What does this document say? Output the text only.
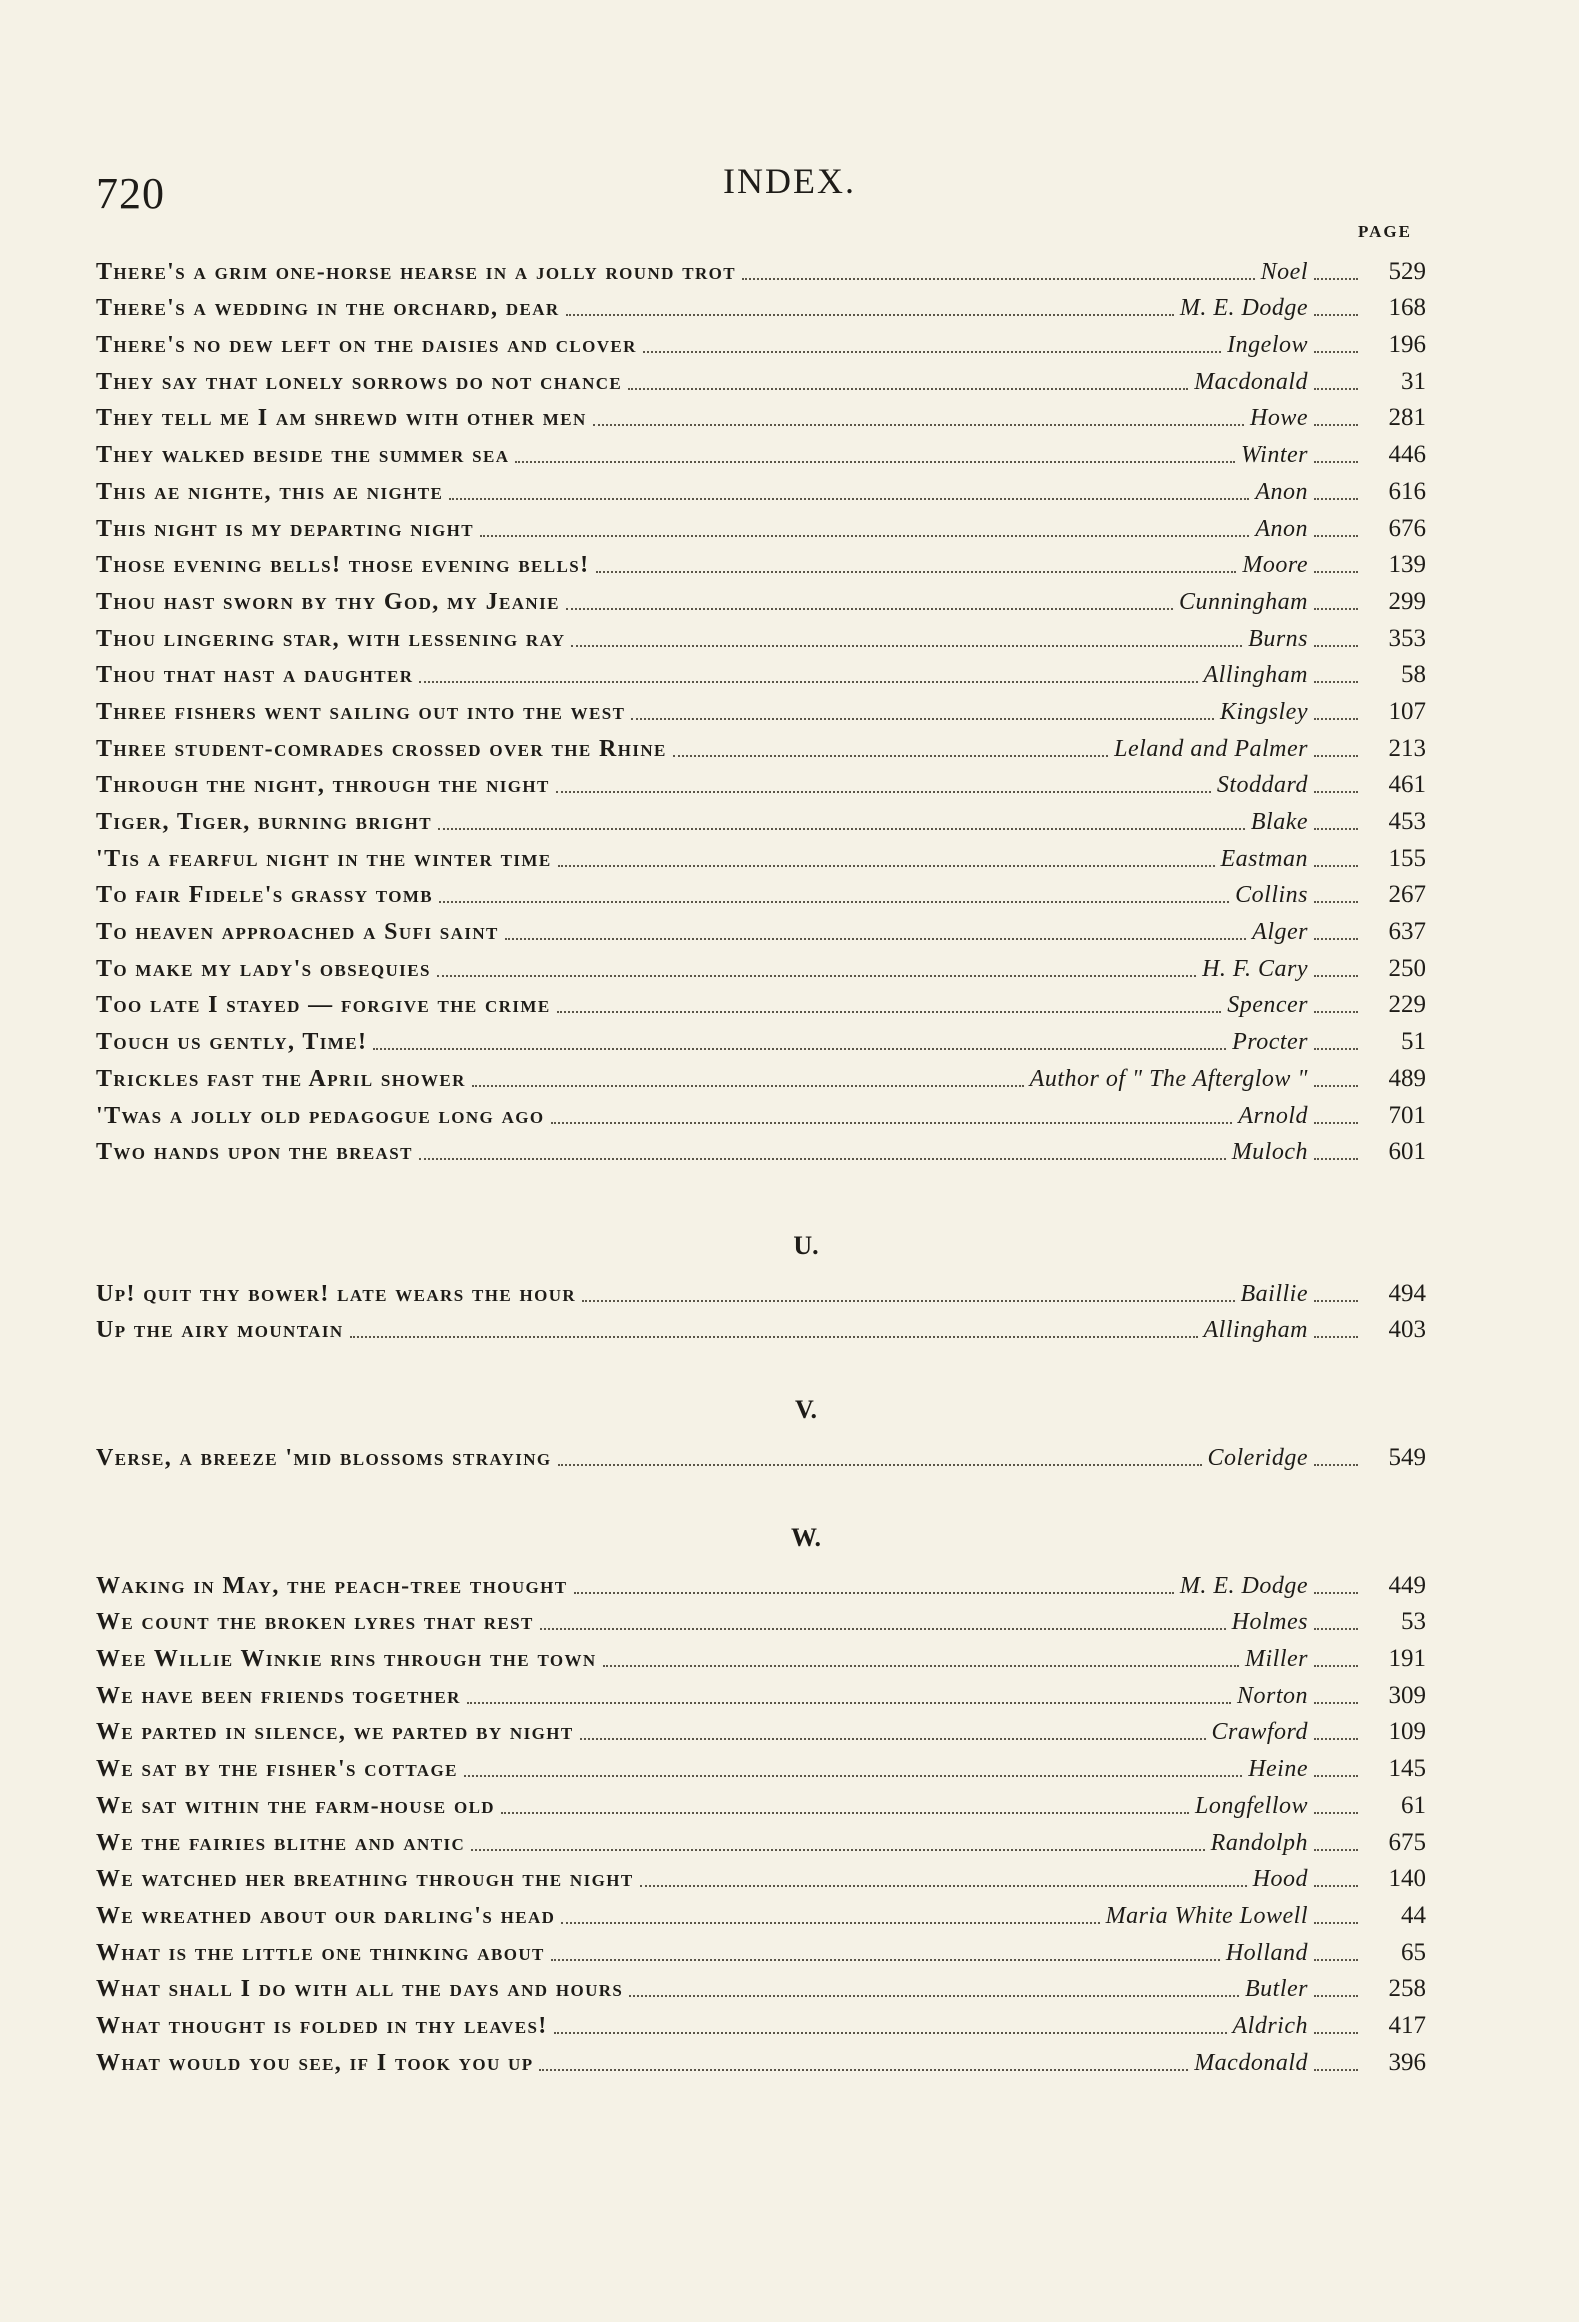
720	INDEX.
PAGE
There's a grim one-horse hearse in a jolly round trot	Noel	529
There's a wedding in the orchard, dear	M. E. Dodge	168
There's no dew left on the daisies and clover	Ingelow	196
They say that lonely sorrows do not chance	Macdonald	31
They tell me I am shrewd with other men	Howe	281
They walked beside the summer sea	Winter	446
This ae nighte, this ae nighte	Anon	616
This night is my departing night	Anon	676
Those evening bells! those evening bells!	Moore	139
Thou hast sworn by thy God, my Jeanie	Cunningham	299
Thou lingering star, with lessening ray	Burns	353
Thou that hast a daughter	Allingham	58
Three fishers went sailing out into the west	Kingsley	107
Three student-comrades crossed over the Rhine	Leland and Palmer	213
Through the night, through the night	Stoddard	461
Tiger, Tiger, burning bright	Blake	453
'Tis a fearful night in the winter time	Eastman	155
To fair Fidele's grassy tomb	Collins	267
To heaven approached a Sufi saint	Alger	637
To make my lady's obsequies	H. F. Cary	250
Too late I stayed — forgive the crime	Spencer	229
Touch us gently, Time!	Procter	51
Trickles fast the April shower	Author of " The Afterglow "	489
'Twas a jolly old pedagogue long ago	Arnold	701
Two hands upon the breast	Muloch	601
U.
Up! quit thy bower! late wears the hour	Baillie	494
Up the airy mountain	Allingham	403
V.
Verse, a breeze 'mid blossoms straying	Coleridge	549
W.
Waking in May, the peach-tree thought	M. E. Dodge	449
We count the broken lyres that rest	Holmes	53
Wee Willie Winkie rins through the town	Miller	191
We have been friends together	Norton	309
We parted in silence, we parted by night	Crawford	109
We sat by the fisher's cottage	Heine	145
We sat within the farm-house old	Longfellow	61
We the fairies blithe and antic	Randolph	675
We watched her breathing through the night	Hood	140
We wreathed about our darling's head	Maria White Lowell	44
What is the little one thinking about	Holland	65
What shall I do with all the days and hours	Butler	258
What thought is folded in thy leaves!	Aldrich	417
What would you see, if I took you up	Macdonald	396
